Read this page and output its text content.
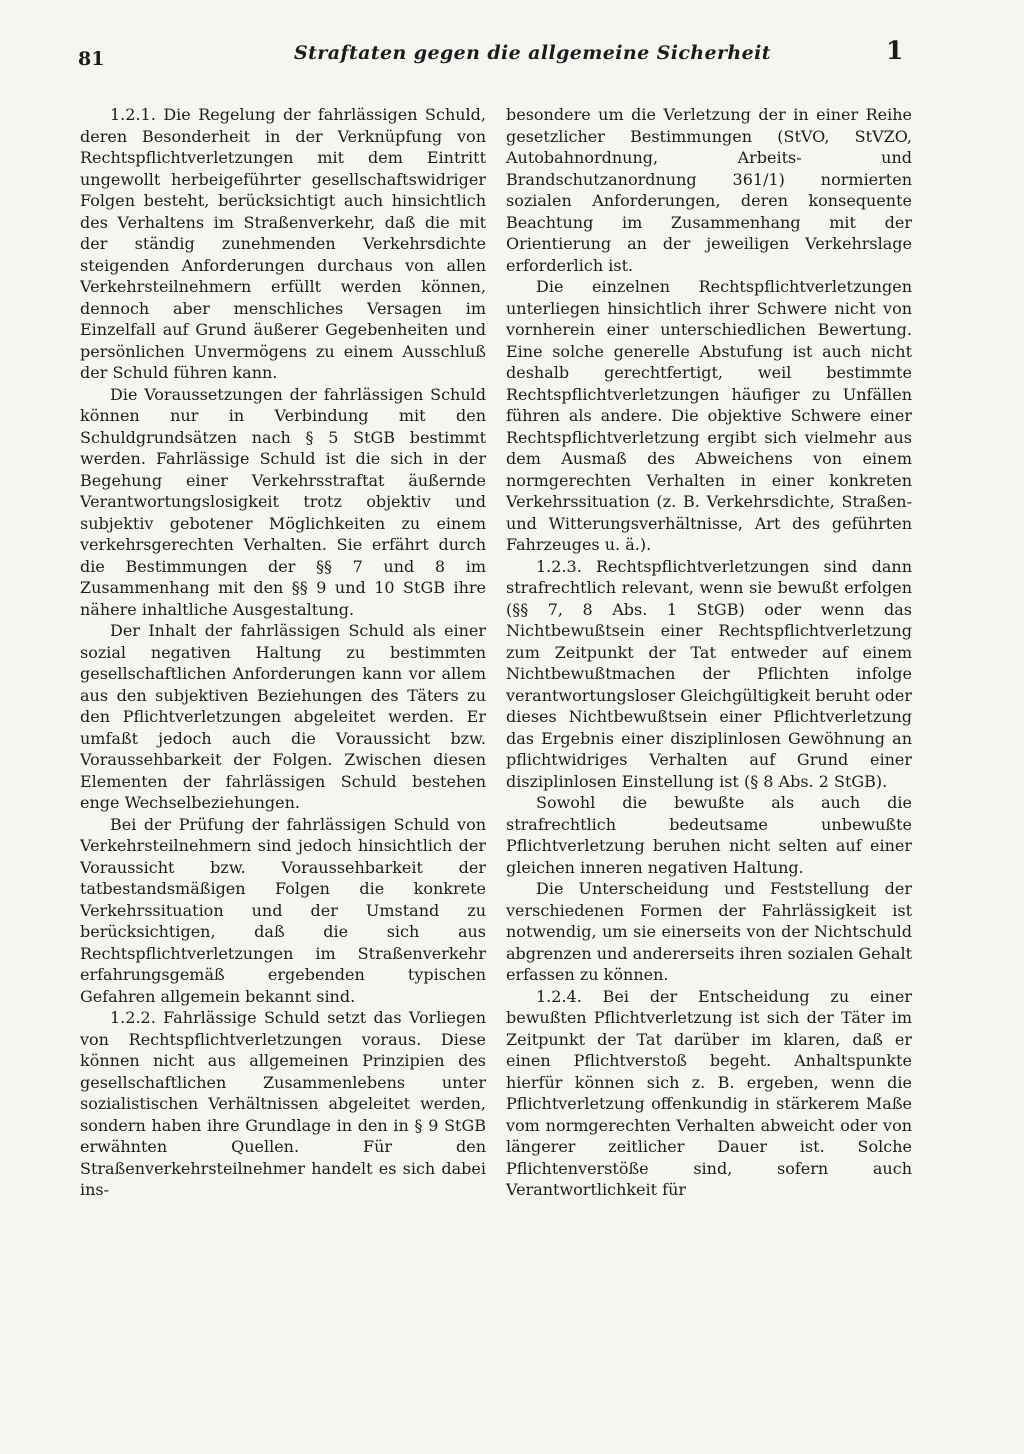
81	Straftaten gegen die allgemeine Sicherheit	1

1.2.1. Die Regelung der fahrlässigen Schuld, deren Besonderheit in der Verknüpfung von Rechtspflichtverletzungen mit dem Eintritt ungewollt herbeigeführter gesellschaftswidriger Folgen besteht, berücksichtigt auch hinsichtlich des Verhaltens im Straßenverkehr, daß die mit der ständig zunehmenden Verkehrsdichte steigenden Anforderungen durchaus von allen Verkehrsteilnehmern erfüllt werden können, dennoch aber menschliches Versagen im Einzelfall auf Grund äußerer Gegebenheiten und persönlichen Unvermögens zu einem Ausschluß der Schuld führen kann.

Die Voraussetzungen der fahrlässigen Schuld können nur in Verbindung mit den Schuldgrundsätzen nach § 5 StGB bestimmt werden. Fahrlässige Schuld ist die sich in der Begehung einer Verkehrsstraftat äußernde Verantwortungslosigkeit trotz objektiv und subjektiv gebotener Möglichkeiten zu einem verkehrsgerechten Verhalten. Sie erfährt durch die Bestimmungen der §§ 7 und 8 im Zusammenhang mit den §§ 9 und 10 StGB ihre nähere inhaltliche Ausgestaltung.

Der Inhalt der fahrlässigen Schuld als einer sozial negativen Haltung zu bestimmten gesellschaftlichen Anforderungen kann vor allem aus den subjektiven Beziehungen des Täters zu den Pflichtverletzungen abgeleitet werden. Er umfaßt jedoch auch die Voraussicht bzw. Voraussehbarkeit der Folgen. Zwischen diesen Elementen der fahrlässigen Schuld bestehen enge Wechselbeziehungen.

Bei der Prüfung der fahrlässigen Schuld von Verkehrsteilnehmern sind jedoch hinsichtlich der Voraussicht bzw. Voraussehbarkeit der tatbestandsmäßigen Folgen die konkrete Verkehrssituation und der Umstand zu berücksichtigen, daß die sich aus Rechtspflichtverletzungen im Straßenverkehr erfahrungsgemäß ergebenden typischen Gefahren allgemein bekannt sind.

1.2.2. Fahrlässige Schuld setzt das Vorliegen von Rechtspflichtverletzungen voraus. Diese können nicht aus allgemeinen Prinzipien des gesellschaftlichen Zusammenlebens unter sozialistischen Verhältnissen abgeleitet werden, sondern haben ihre Grundlage in den in § 9 StGB erwähnten Quellen. Für den Straßenverkehrsteilnehmer handelt es sich dabei ins-

besondere um die Verletzung der in einer Reihe gesetzlicher Bestimmungen (StVO, StVZO, Autobahnordnung, Arbeits- und Brandschutzanordnung 361/1) normierten sozialen Anforderungen, deren konsequente Beachtung im Zusammenhang mit der Orientierung an der jeweiligen Verkehrslage erforderlich ist.

Die einzelnen Rechtspflichtverletzungen unterliegen hinsichtlich ihrer Schwere nicht von vornherein einer unterschiedlichen Bewertung. Eine solche generelle Abstufung ist auch nicht deshalb gerechtfertigt, weil bestimmte Rechtspflichtverletzungen häufiger zu Unfällen führen als andere. Die objektive Schwere einer Rechtspflichtverletzung ergibt sich vielmehr aus dem Ausmaß des Abweichens von einem normgerechten Verhalten in einer konkreten Verkehrssituation (z. B. Verkehrsdichte, Straßen- und Witterungsverhältnisse, Art des geführten Fahrzeuges u. ä.).

1.2.3. Rechtspflichtverletzungen sind dann strafrechtlich relevant, wenn sie bewußt erfolgen (§§ 7, 8 Abs. 1 StGB) oder wenn das Nichtbewußtsein einer Rechtspflichtverletzung zum Zeitpunkt der Tat entweder auf einem Nichtbewußtmachen der Pflichten infolge verantwortungsloser Gleichgültigkeit beruht oder dieses Nichtbewußtsein einer Pflichtverletzung das Ergebnis einer disziplinlosen Gewöhnung an pflichtwidriges Verhalten auf Grund einer disziplinlosen Einstellung ist (§ 8 Abs. 2 StGB).

Sowohl die bewußte als auch die strafrechtlich bedeutsame unbewußte Pflichtverletzung beruhen nicht selten auf einer gleichen inneren negativen Haltung.

Die Unterscheidung und Feststellung der verschiedenen Formen der Fahrlässigkeit ist notwendig, um sie einerseits von der Nichtschuld abgrenzen und andererseits ihren sozialen Gehalt erfassen zu können.

1.2.4. Bei der Entscheidung zu einer bewußten Pflichtverletzung ist sich der Täter im Zeitpunkt der Tat darüber im klaren, daß er einen Pflichtverstoß begeht. Anhaltspunkte hierfür können sich z. B. ergeben, wenn die Pflichtverletzung offenkundig in stärkerem Maße vom normgerechten Verhalten abweicht oder von längerer zeitlicher Dauer ist. Solche Pflichtenverstöße sind, sofern auch Verantwortlichkeit für
